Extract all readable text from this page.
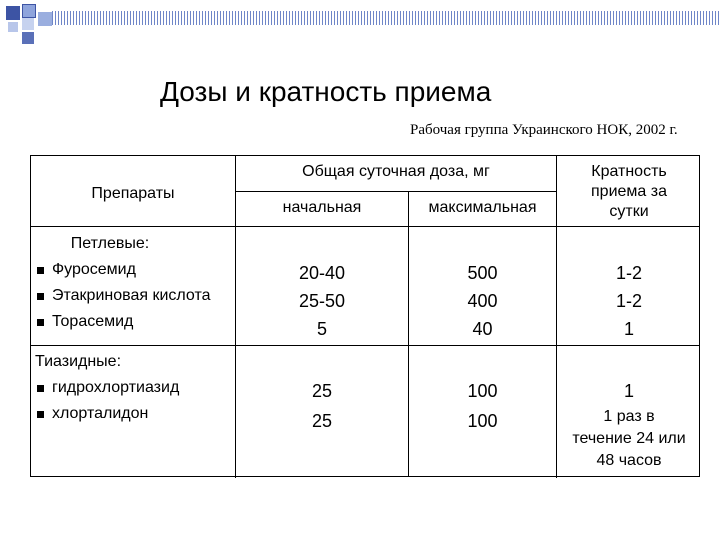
Дозы и кратность приема
Рабочая группа Украинского НОК, 2002 г.
Препараты
Общая суточная доза, мг
начальная	максимальная
Кратность
приема за
сутки
Петлевые:
Фуросемид
Этакриновая кислота
Торасемид
20-40
25-50
5
500
400
40
1-2
1-2
1
Тиазидные:
гидрохлортиазид
хлорталидон
25
25
100
100
1
1 раз в
течение 24 или
48 часов
